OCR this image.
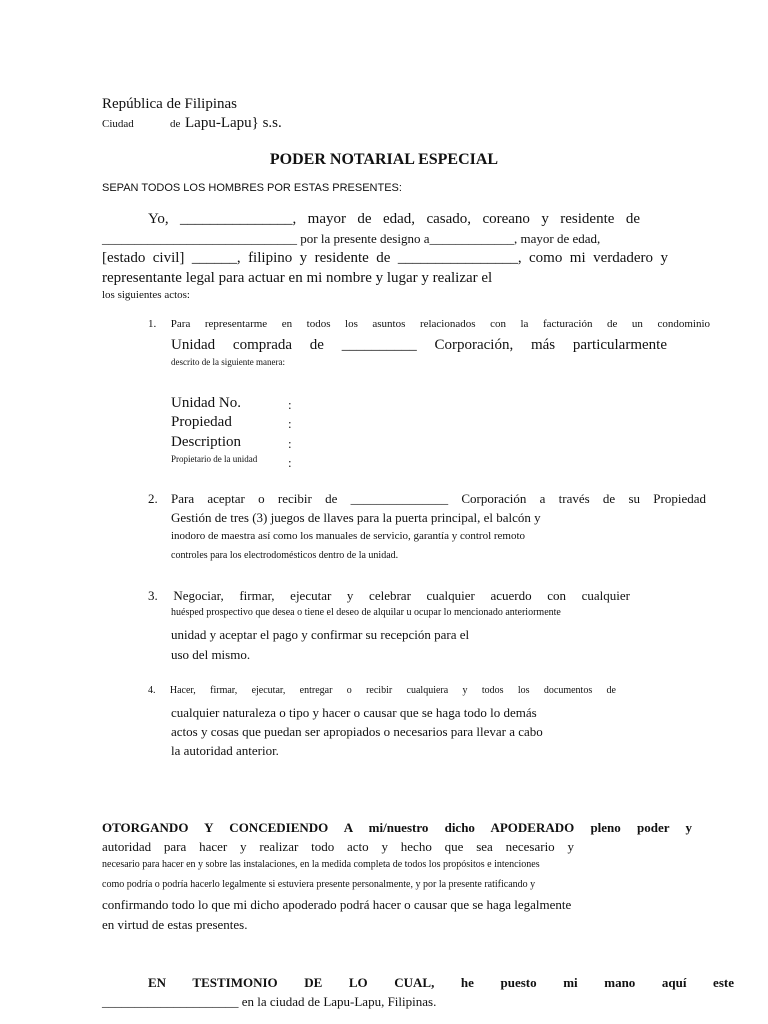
República de Filipinas
Ciudad	de Lapu-Lapu} s.s.
PODER NOTARIAL ESPECIAL
SEPAN TODOS LOS HOMBRES POR ESTAS PRESENTES:
Yo, _______________, mayor de edad, casado, coreano y residente de
______________________________ por la presente designo a_____________, mayor de edad,
[estado civil] ______, filipino y residente de ________________, como mi verdadero y
representante legal para actuar en mi nombre y lugar y realizar el
los siguientes actos:
1. Para representarme en todos los asuntos relacionados con la facturación de un condominio
Unidad comprada de __________ Corporación, más particularmente
descrito de la siguiente manera:
Unidad No.	:
Propiedad	:
Description	:
Propietario de la unidad :
2. Para aceptar o recibir de _______________ Corporación a través de su Propiedad
Gestión de tres (3) juegos de llaves para la puerta principal, el balcón y
inodoro de maestra así como los manuales de servicio, garantía y control remoto
controles para los electrodomésticos dentro de la unidad.
3. Negociar, firmar, ejecutar y celebrar cualquier acuerdo con cualquier
huésped prospectivo que desea o tiene el deseo de alquilar u ocupar lo mencionado anteriormente
unidad y aceptar el pago y confirmar su recepción para el
uso del mismo.
4. Hacer, firmar, ejecutar, entregar o recibir cualquiera y todos los documentos de
cualquier naturaleza o tipo y hacer o causar que se haga todo lo demás
actos y cosas que puedan ser apropiados o necesarios para llevar a cabo
la autoridad anterior.
OTORGANDO Y CONCEDIENDO A mi/nuestro dicho APODERADO pleno poder y
autoridad para hacer y realizar todo acto y hecho que sea necesario y
necesario para hacer en y sobre las instalaciones, en la medida completa de todos los propósitos e intenciones
como podría o podría hacerlo legalmente si estuviera presente personalmente, y por la presente ratificando y
confirmando todo lo que mi dicho apoderado podrá hacer o causar que se haga legalmente
en virtud de estas presentes.
EN TESTIMONIO DE LO CUAL, he puesto mi mano aquí este
_____________________ en la ciudad de Lapu-Lapu, Filipinas.
